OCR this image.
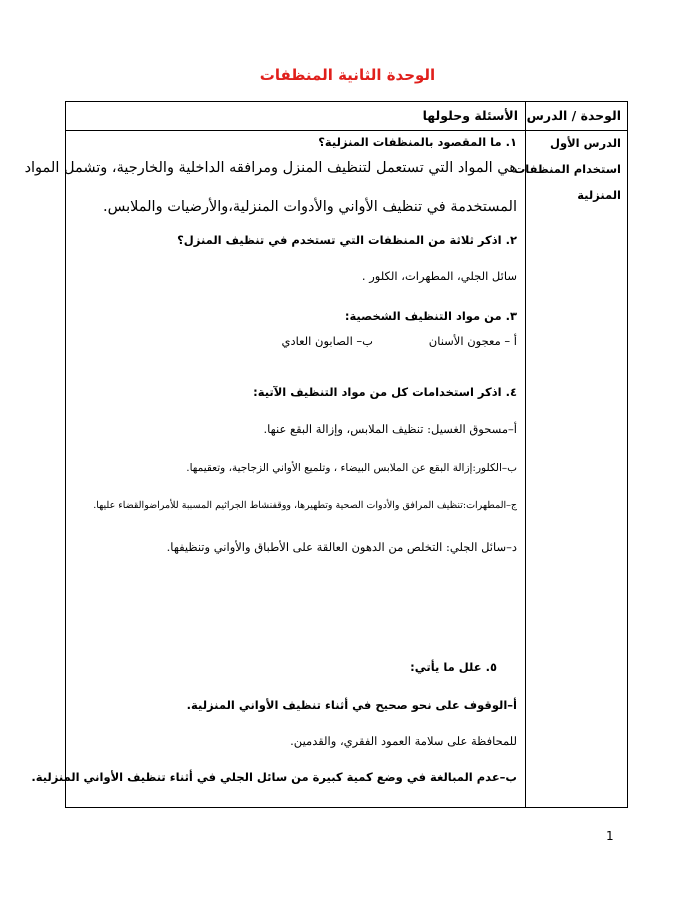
الوحدة الثانية المنظفات
الوحدة / الدرس
الأسئلة وحلولها
الدرس الأول
استخدام المنظفات
المنزلية
١. ما المقصود بالمنظفات المنزلية؟
هي المواد التي تستعمل لتنظيف المنزل ومرافقه الداخلية والخارجية، وتشمل المواد
المستخدمة في تنظيف الأواني والأدوات المنزلية،والأرضيات والملابس.
٢. اذكر ثلاثة من المنظفات التي تستخدم في تنظيف المنزل؟
سائل الجلي، المطهرات، الكلور .
٣. من مواد التنظيف الشخصية:
أ – معجون الأسنان
ب– الصابون العادي
٤. اذكر استخدامات كل من مواد التنظيف الآتية:
أ–مسحوق الغسيل: تنظيف الملابس، وإزالة البقع عنها.
ب–الكلور:إزالة البقع عن الملابس البيضاء ، وتلميع الأواني الزجاجية، وتعقيمها.
ج–المطهرات:تنظيف المرافق والأدوات الصحية وتطهيرها، ووقفنشاط الجراثيم المسببة للأمراضوالقضاء عليها.
د–سائل الجلي: التخلص من الدهون العالقة على الأطباق والأواني وتنظيفها.
٥. علل ما يأتي:
أ–الوقوف على نحو صحيح في أثناء تنظيف الأواني المنزلية.
للمحافظة على سلامة العمود الفقري، والقدمين.
ب–عدم المبالغة في وضع كمية كبيرة من سائل الجلي في أثناء تنظيف الأواني المنزلية.
1
